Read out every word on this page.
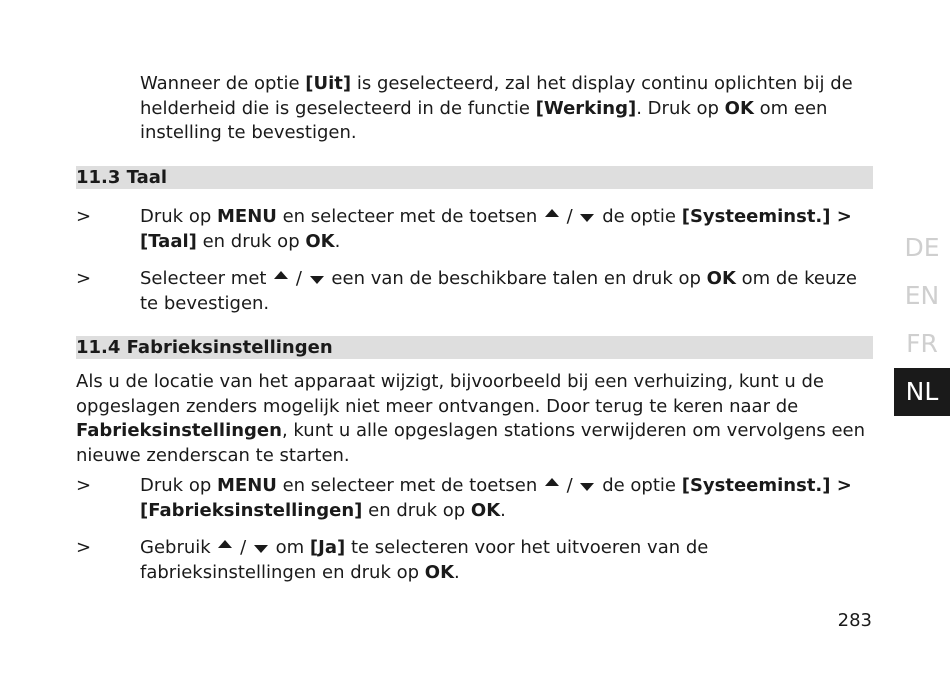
Wanneer de optie [Uit] is geselecteerd, zal het display continu oplichten bij de helderheid die is geselecteerd in de functie [Werking]. Druk op OK om een instelling te bevestigen.
11.3 Taal
>	Druk op MENU en selecteer met de toetsen  /  de optie [Systeeminst.] > [Taal] en druk op OK.
>	Selecteer met  /  een van de beschikbare talen en druk op OK om de keuze te bevestigen.
11.4 Fabrieksinstellingen
Als u de locatie van het apparaat wijzigt, bijvoorbeeld bij een verhuizing, kunt u de opgeslagen zenders mogelijk niet meer ontvangen. Door terug te keren naar de Fabrieksinstellingen, kunt u alle opgeslagen stations verwijderen om vervolgens een nieuwe zenderscan te starten.
>	Druk op MENU en selecteer met de toetsen  /  de optie [Systeeminst.] > [Fabrieksinstellingen] en druk op OK.
>	Gebruik  /  om [Ja] te selecteren voor het uitvoeren van de fabrieksinstellingen en druk op OK.
DE
EN
FR
NL
283
